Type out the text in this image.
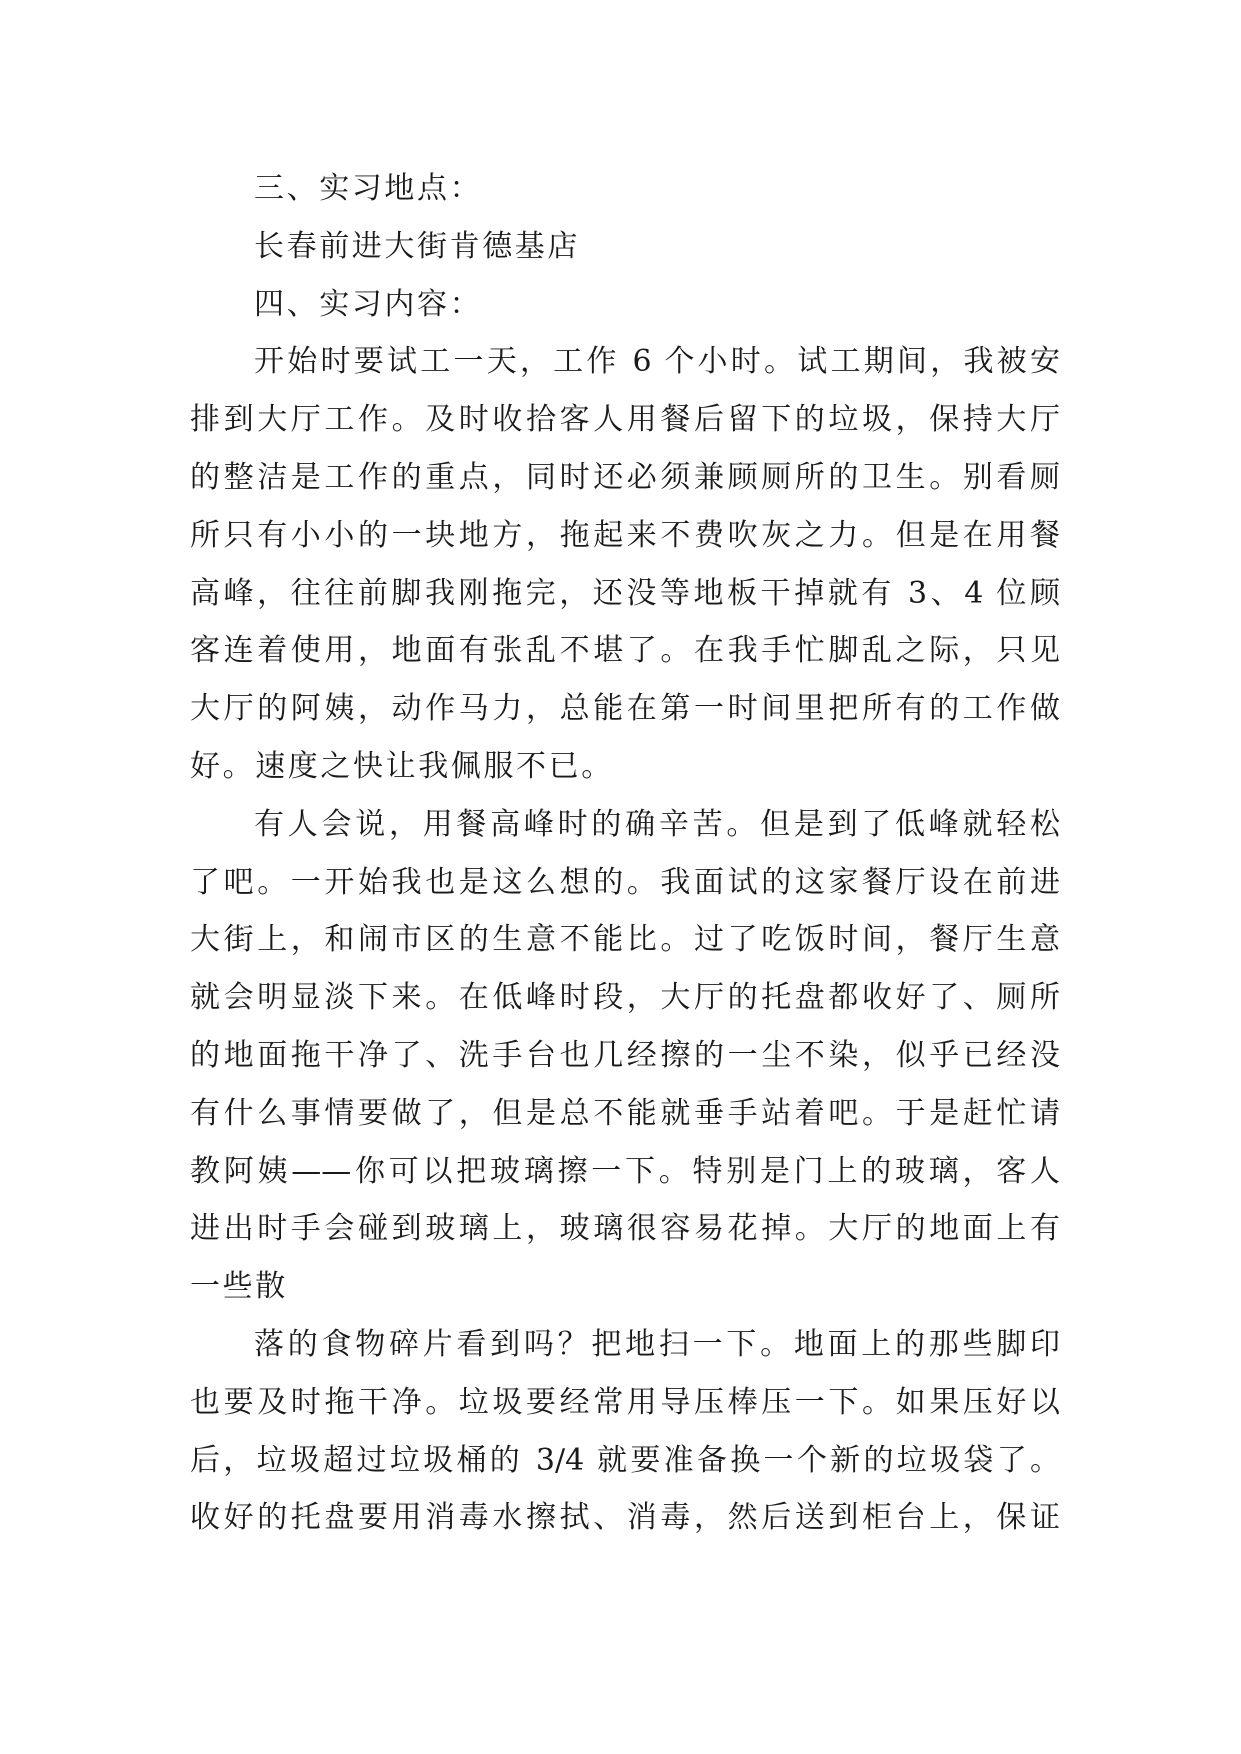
三、实习地点：
长春前进大街肯德基店
四、实习内容：
开始时要试工一天，工作 6 个小时。试工期间，我被安
排到大厅工作。及时收拾客人用餐后留下的垃圾，保持大厅
的整洁是工作的重点，同时还必须兼顾厕所的卫生。别看厕
所只有小小的一块地方，拖起来不费吹灰之力。但是在用餐
高峰，往往前脚我刚拖完，还没等地板干掉就有 3、4 位顾
客连着使用，地面有张乱不堪了。在我手忙脚乱之际，只见
大厅的阿姨，动作马力，总能在第一时间里把所有的工作做
好。速度之快让我佩服不已。
有人会说，用餐高峰时的确辛苦。但是到了低峰就轻松
了吧。一开始我也是这么想的。我面试的这家餐厅设在前进
大街上，和闹市区的生意不能比。过了吃饭时间，餐厅生意
就会明显淡下来。在低峰时段，大厅的托盘都收好了、厕所
的地面拖干净了、洗手台也几经擦的一尘不染，似乎已经没
有什么事情要做了，但是总不能就垂手站着吧。于是赶忙请
教阿姨——你可以把玻璃擦一下。特别是门上的玻璃，客人
进出时手会碰到玻璃上，玻璃很容易花掉。大厅的地面上有
一些散
落的食物碎片看到吗？把地扫一下。地面上的那些脚印
也要及时拖干净。垃圾要经常用导压棒压一下。如果压好以
后，垃圾超过垃圾桶的 3/4 就要准备换一个新的垃圾袋了。
收好的托盘要用消毒水擦拭、消毒，然后送到柜台上，保证
